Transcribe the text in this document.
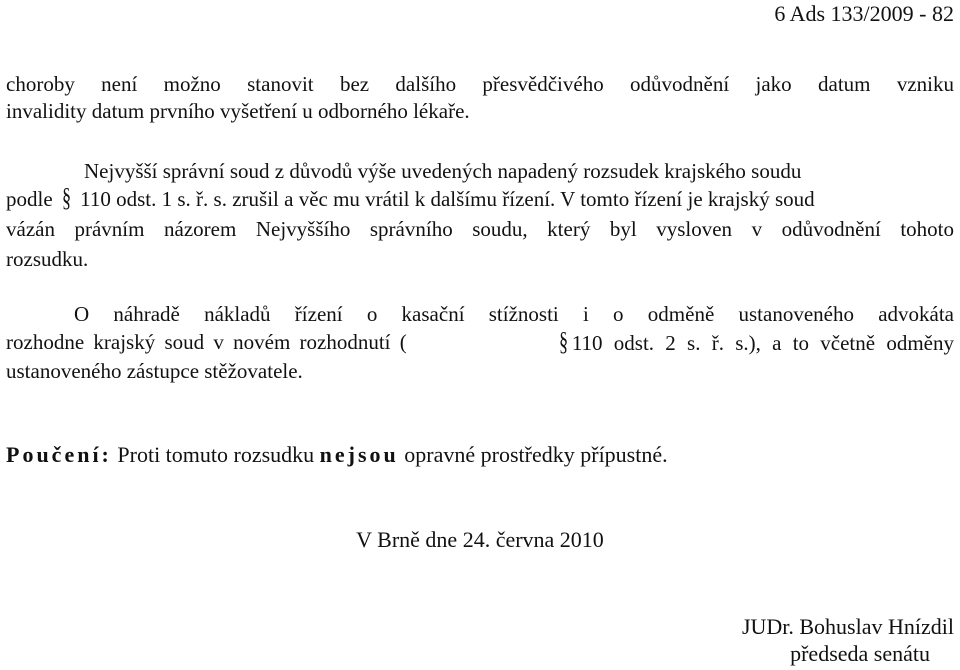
6 Ads 133/2009 - 82
choroby není možno stanovit bez dalšího přesvědčivého odůvodnění jako datum vzniku
invalidity datum prvního vyšetření u odborného lékaře.
Nejvyšší správní soud z důvodů výše uvedených napadený rozsudek krajského soudu
podle § 110 odst. 1 s. ř. s. zrušil a věc mu vrátil k dalšímu řízení. V tomto řízení je krajský soud
vázán právním názorem Nejvyššího správního soudu, který byl vysloven v odůvodnění tohoto
rozsudku.
O náhradě nákladů řízení o kasační stížnosti i o odměně ustanoveného advokáta
rozhodne krajský soud v novém rozhodnutí (	§ 110 odst. 2 s. ř. s.), a to včetně odměny
ustanoveného zástupce stěžovatele.
Poučení: Proti tomuto rozsudku nejsou opravné prostředky přípustné.
V Brně dne 24. června 2010
JUDr. Bohuslav Hnízdil
předseda senátu
